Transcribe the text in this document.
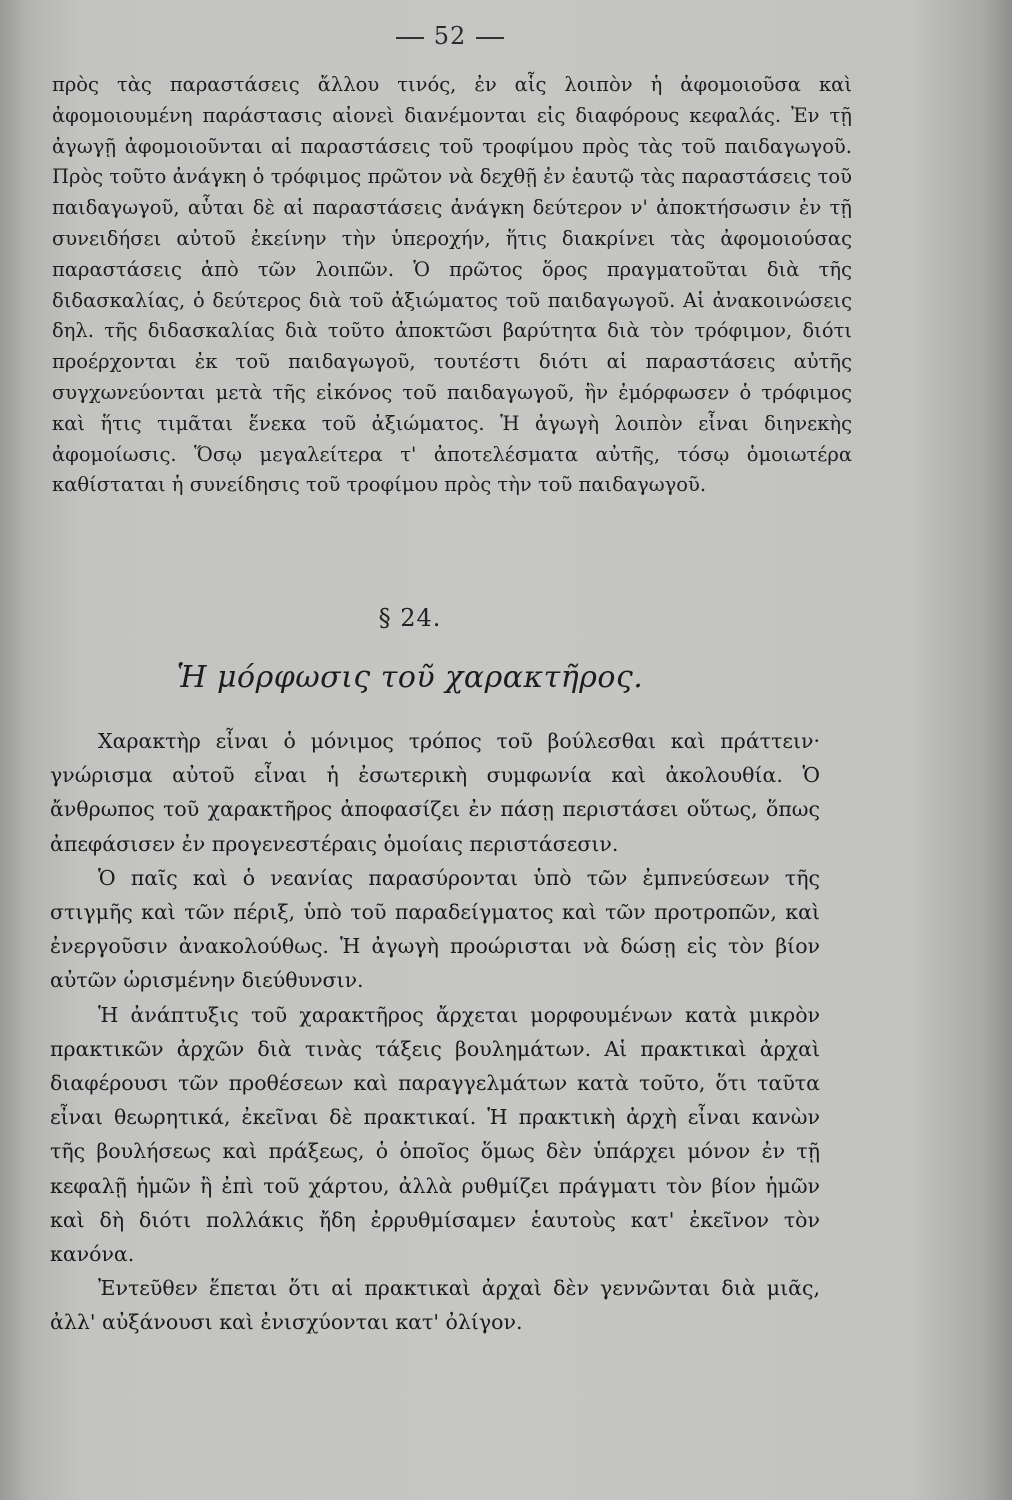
52
πρὸς τὰς παραστάσεις ἄλλου τινός, ἐν αἷς λοιπὸν ἡ ἀφομοιοῦσα καὶ ἀφομοιουμένη παράστασις αἰονεὶ διανέμονται εἰς διαφόρους κεφαλάς. Ἐν τῇ ἀγωγῇ ἀφομοιοῦνται αἱ παραστάσεις τοῦ τροφίμου πρὸς τὰς τοῦ παιδαγωγοῦ. Πρὸς τοῦτο ἀνάγκη ὁ τρόφιμος πρῶτον νὰ δεχθῇ ἐν ἑαυτῷ τὰς παραστάσεις τοῦ παιδαγωγοῦ, αὗται δὲ αἱ παραστάσεις ἀνάγκη δεύτερον ν' ἀποκτήσωσιν ἐν τῇ συνειδήσει αὐτοῦ ἐκείνην τὴν ὑπεροχήν, ἥτις διακρίνει τὰς ἀφομοιούσας παραστάσεις ἀπὸ τῶν λοιπῶν. Ὁ πρῶτος ὅρος πραγματοῦται διὰ τῆς διδασκαλίας, ὁ δεύτερος διὰ τοῦ ἀξιώματος τοῦ παιδαγωγοῦ. Αἱ ἀνακοινώσεις δηλ. τῆς διδασκαλίας διὰ τοῦτο ἀποκτῶσι βαρύτητα διὰ τὸν τρόφιμον, διότι προέρχονται ἐκ τοῦ παιδαγωγοῦ, τουτέστι διότι αἱ παραστάσεις αὐτῆς συγχωνεύονται μετὰ τῆς εἰκόνος τοῦ παιδαγωγοῦ, ἣν ἐμόρφωσεν ὁ τρόφιμος καὶ ἥτις τιμᾶται ἕνεκα τοῦ ἀξιώματος. Ἡ ἀγωγὴ λοιπὸν εἶναι διηνεκὴς ἀφομοίωσις. Ὅσῳ μεγαλείτερα τ' ἀποτελέσματα αὐτῆς, τόσῳ ὁμοιωτέρα καθίσταται ἡ συνείδησις τοῦ τροφίμου πρὸς τὴν τοῦ παιδαγωγοῦ.
§ 24.
Ἡ μόρφωσις τοῦ χαρακτῆρος.

Χαρακτὴρ εἶναι ὁ μόνιμος τρόπος τοῦ βούλεσθαι καὶ πράττειν· γνώρισμα αὐτοῦ εἶναι ἡ ἐσωτερικὴ συμφωνία καὶ ἀκολουθία. Ὁ ἄνθρωπος τοῦ χαρακτῆρος ἀποφασίζει ἐν πάσῃ περιστάσει οὕτως, ὅπως ἀπεφάσισεν ἐν προγενεστέραις ὁμοίαις περιστάσεσιν.

Ὁ παῖς καὶ ὁ νεανίας παρασύρονται ὑπὸ τῶν ἐμπνεύσεων τῆς στιγμῆς καὶ τῶν πέριξ, ὑπὸ τοῦ παραδείγματος καὶ τῶν προτροπῶν, καὶ ἐνεργοῦσιν ἀνακολούθως. Ἡ ἀγωγὴ προώρισται νὰ δώσῃ εἰς τὸν βίον αὐτῶν ὡρισμένην διεύθυνσιν.

Ἡ ἀνάπτυξις τοῦ χαρακτῆρος ἄρχεται μορφουμένων κατὰ μικρὸν πρακτικῶν ἀρχῶν διὰ τινὰς τάξεις βουλημάτων. Αἱ πρακτικαὶ ἀρχαὶ διαφέρουσι τῶν προθέσεων καὶ παραγγελμάτων κατὰ τοῦτο, ὅτι ταῦτα εἶναι θεωρητικά, ἐκεῖναι δὲ πρακτικαί. Ἡ πρακτικὴ ἀρχὴ εἶναι κανὼν τῆς βουλήσεως καὶ πράξεως, ὁ ὁποῖος ὅμως δὲν ὑπάρχει μόνον ἐν τῇ κεφαλῇ ἡμῶν ἢ ἐπὶ τοῦ χάρτου, ἀλλὰ ρυθμίζει πράγματι τὸν βίον ἡμῶν καὶ δὴ διότι πολλάκις ἤδη ἐρρυθμίσαμεν ἑαυτοὺς κατ' ἐκεῖνον τὸν κανόνα.

Ἐντεῦθεν ἕπεται ὅτι αἱ πρακτικαὶ ἀρχαὶ δὲν γεννῶνται διὰ μιᾶς, ἀλλ' αὐξάνουσι καὶ ἐνισχύονται κατ' ὀλίγον.
